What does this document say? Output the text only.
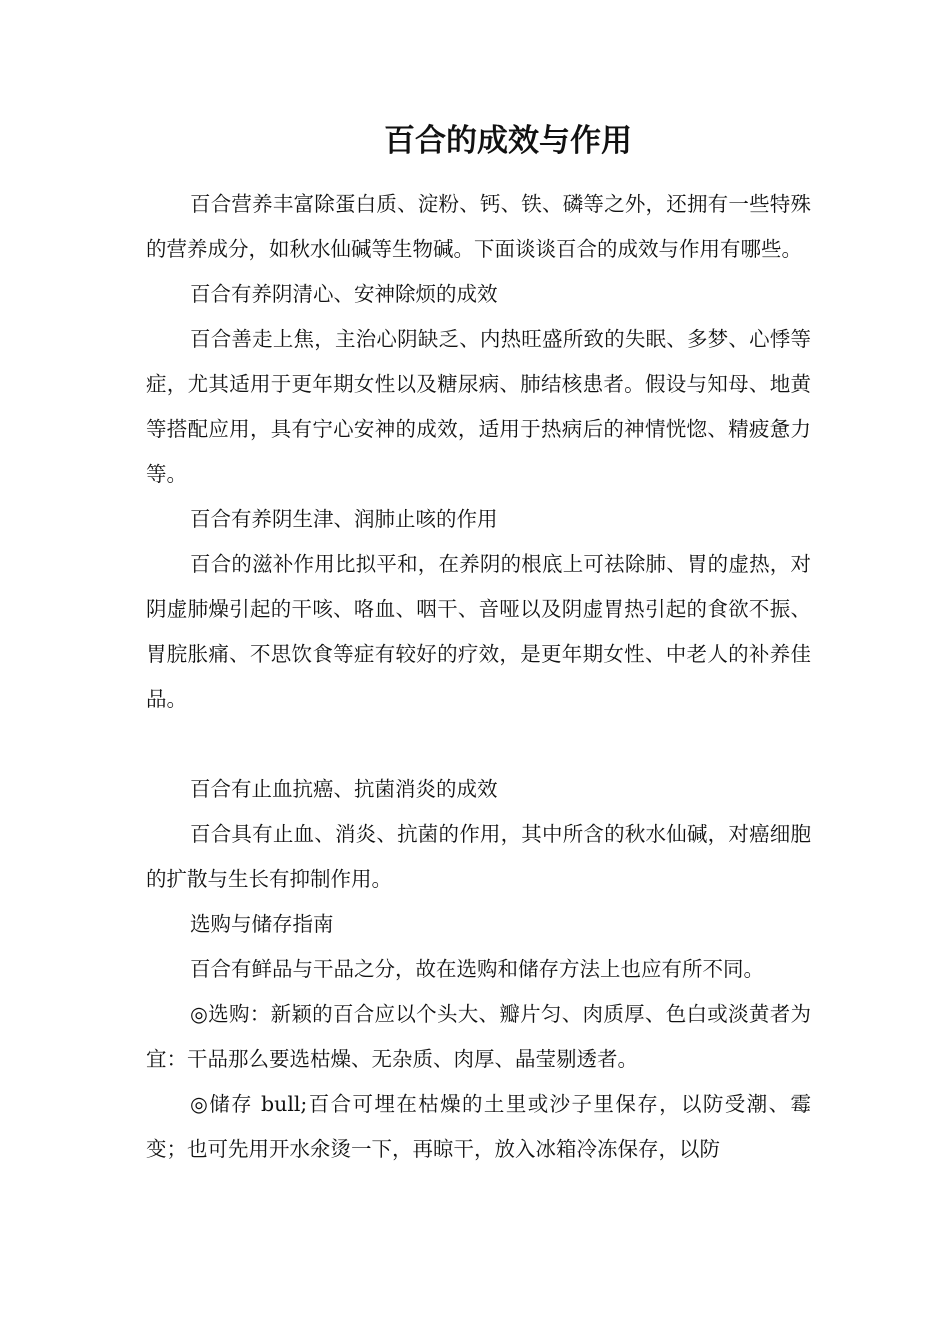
百合的成效与作用

百合营养丰富除蛋白质、淀粉、钙、铁、磷等之外，还拥有一些特殊的营养成分，如秋水仙碱等生物碱。下面谈谈百合的成效与作用有哪些。

百合有养阴清心、安神除烦的成效

百合善走上焦，主治心阴缺乏、内热旺盛所致的失眠、多梦、心悸等症，尤其适用于更年期女性以及糖尿病、肺结核患者。假设与知母、地黄等搭配应用，具有宁心安神的成效，适用于热病后的神情恍惚、精疲惫力等。

百合有养阴生津、润肺止咳的作用

百合的滋补作用比拟平和，在养阴的根底上可祛除肺、胃的虚热，对阴虚肺燥引起的干咳、咯血、咽干、音哑以及阴虚胃热引起的食欲不振、胃脘胀痛、不思饮食等症有较好的疗效，是更年期女性、中老人的补养佳品。

百合有止血抗癌、抗菌消炎的成效

百合具有止血、消炎、抗菌的作用，其中所含的秋水仙碱，对癌细胞的扩散与生长有抑制作用。

选购与储存指南

百合有鲜品与干品之分，故在选购和储存方法上也应有所不同。

◎选购：新颖的百合应以个头大、瓣片匀、肉质厚、色白或淡黄者为宜：干品那么要选枯燥、无杂质、肉厚、晶莹剔透者。

◎储存 bull;百合可埋在枯燥的土里或沙子里保存，以防受潮、霉变；也可先用开水氽烫一下，再晾干，放入冰箱冷冻保存，以防
